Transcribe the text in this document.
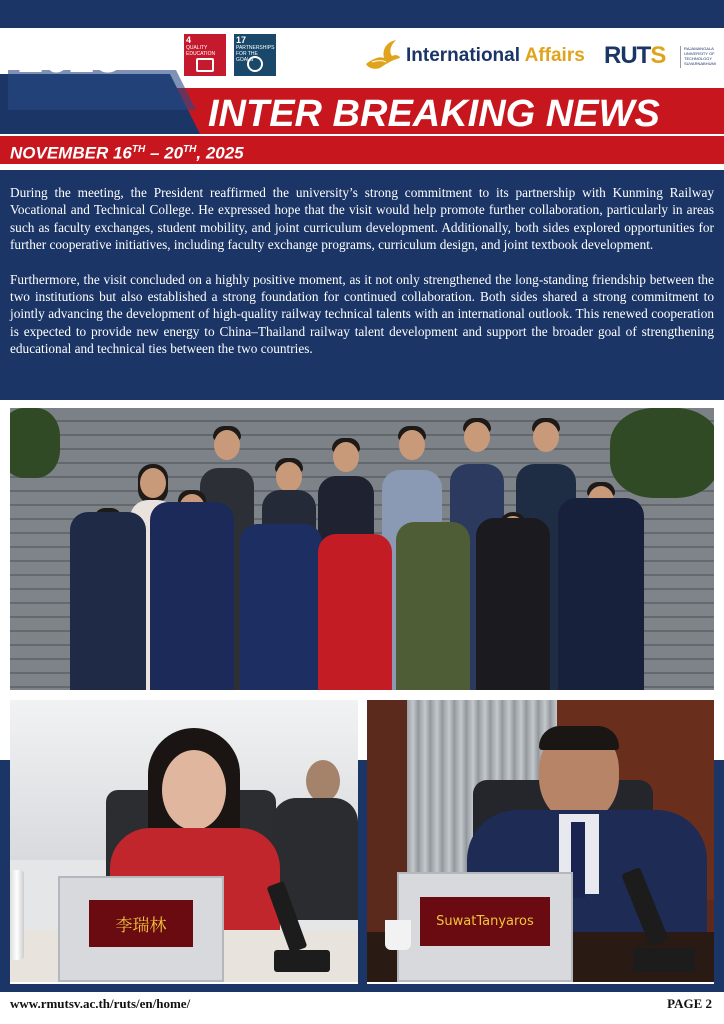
4
QUALITY EDUCATION
17
PARTNERSHIPS FOR THE GOALS	International Affairs RUTS	RAJAMANGALA UNIVERSITY OF TECHNOLOGY SUVARNABHUMI
2025
INTER BREAKING NEWS
NOVEMBER 16TH – 20TH, 2025

During the meeting, the President reaffirmed the university’s strong commitment to its partnership with Kunming Railway Vocational and Technical College. He expressed hope that the visit would help promote further collaboration, particularly in areas such as faculty exchanges, student mobility, and joint curriculum development. Additionally, both sides explored opportunities for further cooperative initiatives, including faculty exchange programs, curriculum design, and joint textbook development.

Furthermore, the visit concluded on a highly positive moment, as it not only strengthened the long-standing friendship between the two institutions but also established a strong foundation for continued collaboration. Both sides shared a strong commitment to jointly advancing the development of high-quality railway technical talents with an international outlook. This renewed cooperation is expected to provide new energy to China–Thailand railway talent development and support the broader goal of strengthening educational and technical ties between the two countries.

李瑞林	SuwatTanyaros
www.rmutsv.ac.th/ruts/en/home/	PAGE 2
